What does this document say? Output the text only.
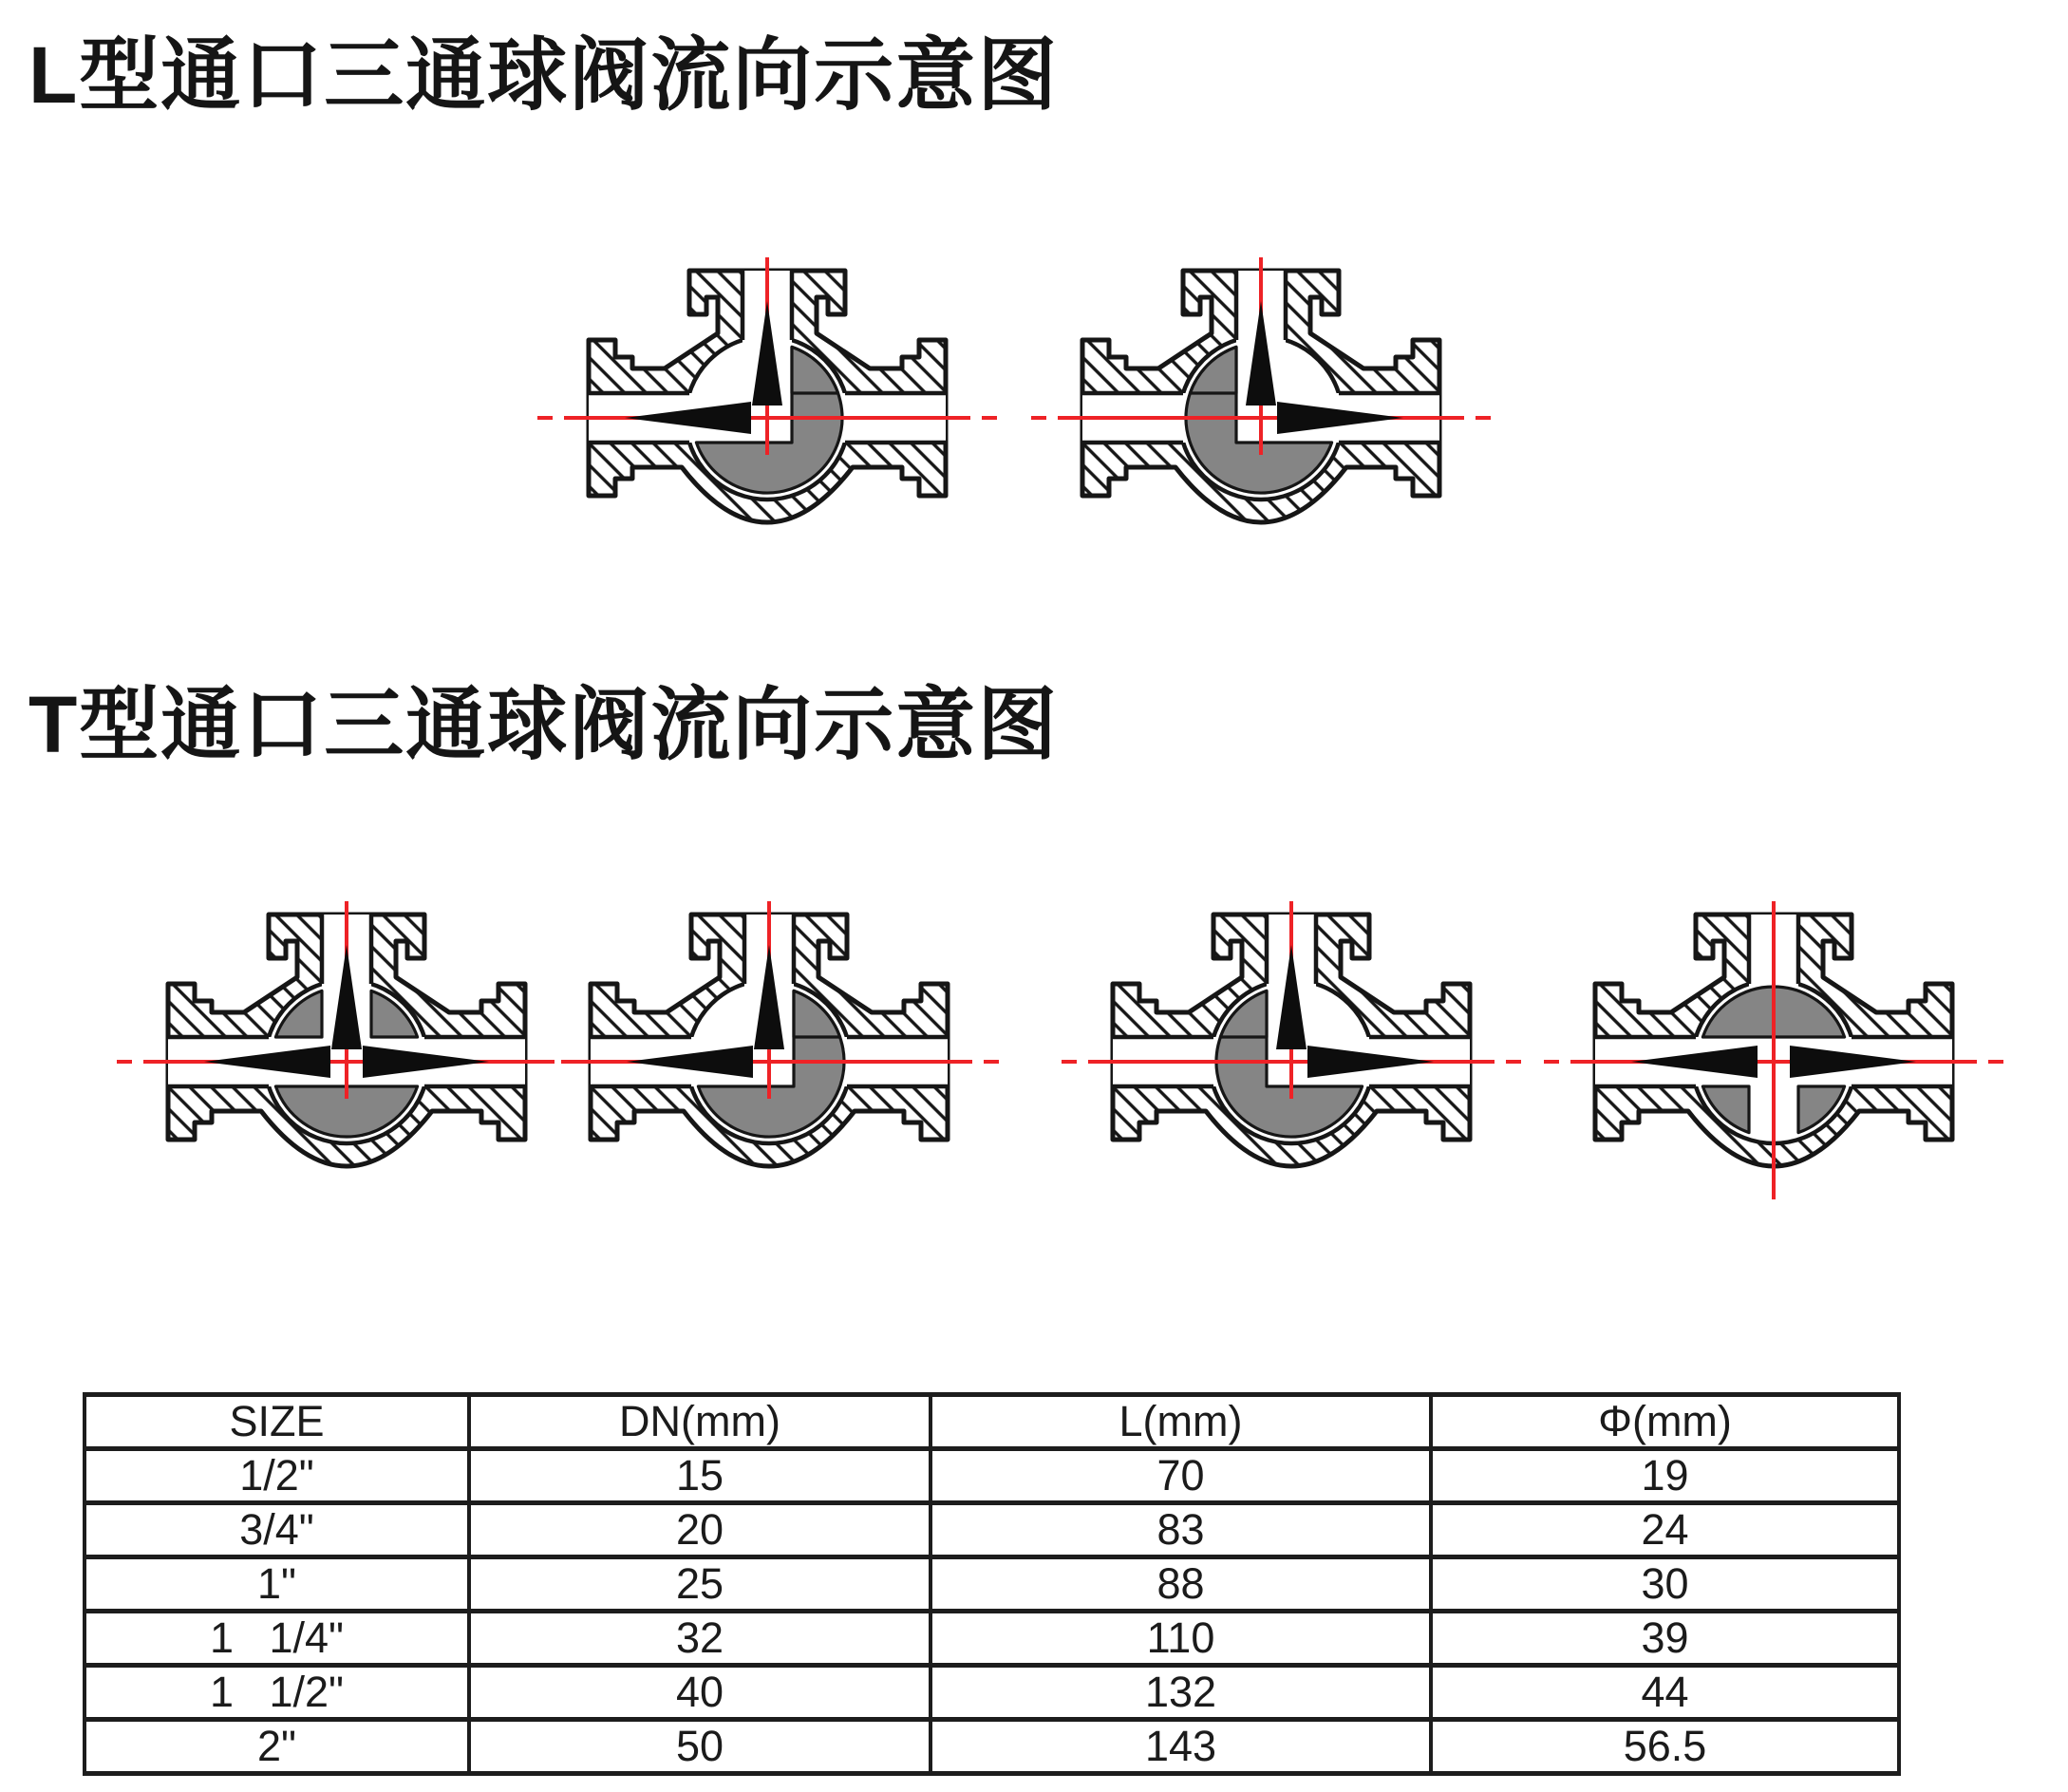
L型通口三通球阀流向示意图
T型通口三通球阀流向示意图
SIZE	DN(mm)	L(mm)	Φ(mm)
1/2"	15	70	19
3/4"	20	83	24
1"	25	88	30
1   1/4"	32	110	39
1   1/2"	40	132	44
2"	50	143	56.5
